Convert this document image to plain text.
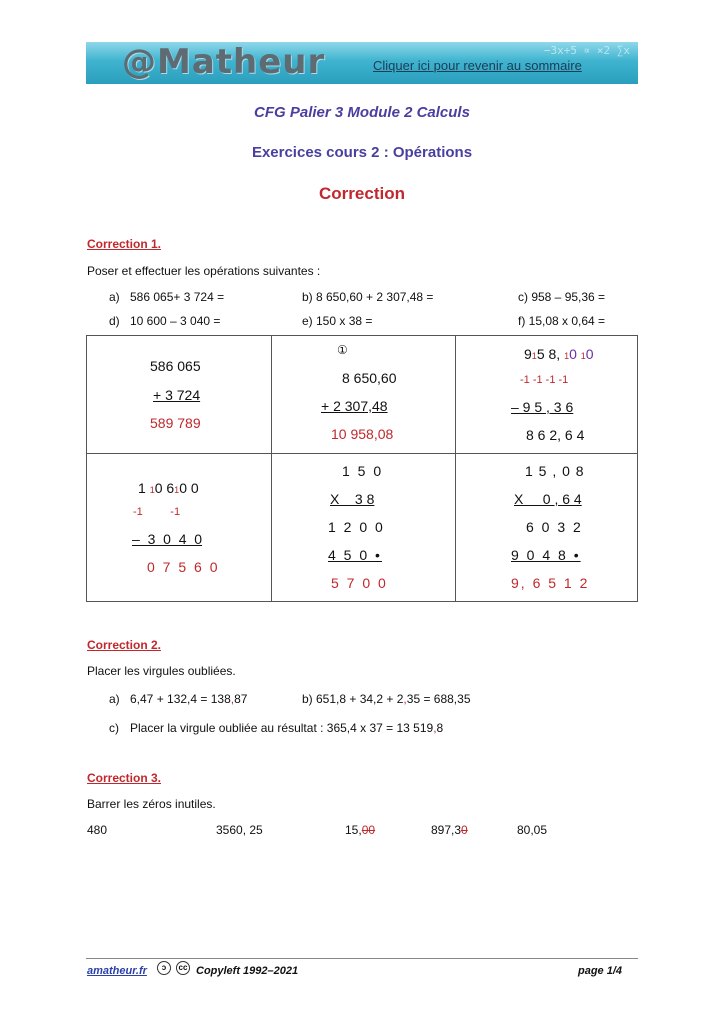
@Matheur	−3x+5 ∝ ×2 ∑x
Cliquer ici pour revenir au sommaire
CFG Palier 3 Module 2 Calculs
Exercices cours 2 : Opérations
Correction
Correction 1.
Poser et effectuer les opérations suivantes :
a) 586 065+ 3 724 =	b) 8 650,60 + 2 307,48 =	c) 958 – 95,36 =
d) 10 600 – 3 040 =	e) 150 x 38 =	f) 15,08 x 0,64 =
586 065
+ 3 724
589 789
①
8 650,60
+ 2 307,48
10 958,08
915 8, 10 10
-1 -1 -1 -1
– 9 5 , 3 6
8 6 2, 6 4
1 10 610 0
-1         -1
–  3  0  4  0
0 7 5 6 0
1 5 0
X    3 8
1 2 0 0
4 5 0 •
5 7 0 0
1 5 , 0 8
X     0 , 6 4
6 0 3 2
9 0 4 8 •
9, 6 5 1 2
Correction 2.
Placer les virgules oubliées.
a) 6,47 + 132,4 = 138,87	b) 651,8 + 34,2 + 2,35 = 688,35
c) Placer la virgule oubliée au résultat : 365,4 x 37 = 13 519,8
Correction 3.
Barrer les zéros inutiles.
480	3560, 25	15,00	897,30	80,05
amatheur.fr	ↄ	cc Copyleft 1992–2021	page 1/4
